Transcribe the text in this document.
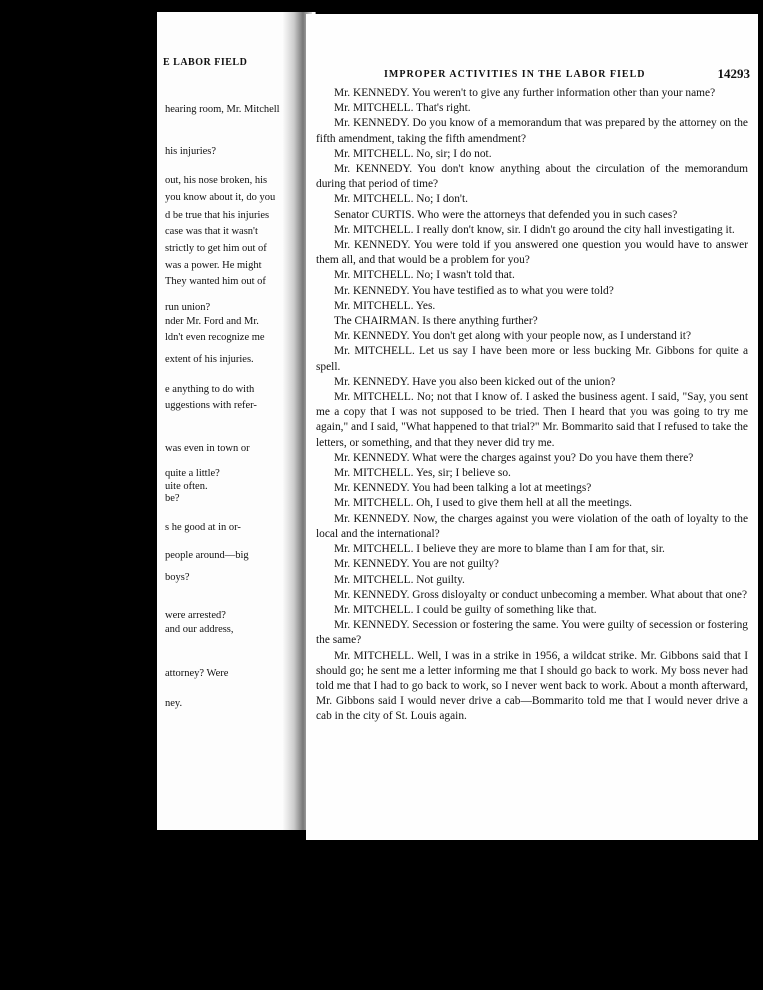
E LABOR FIELD
hearing room, Mr. Mitchell
his injuries?
out, his nose broken, his
you know about it, do you
d be true that his injuries
case was that it wasn't
strictly to get him out of
was a power. He might
They wanted him out of
run union?
nder Mr. Ford and Mr.
ldn't even recognize me
extent of his injuries.
e anything to do with
uggestions with refer-
was even in town or
quite a little?
uite often.
be?
s he good at in or-
people around—big
boys?
were arrested?
and our address,
attorney? Were
ney.
IMPROPER ACTIVITIES IN THE LABOR FIELD	14293

Mr. KENNEDY. You weren't to give any further information other than your name?

Mr. MITCHELL. That's right.

Mr. KENNEDY. Do you know of a memorandum that was prepared by the attorney on the fifth amendment, taking the fifth amendment?

Mr. MITCHELL. No, sir; I do not.

Mr. KENNEDY. You don't know anything about the circulation of the memorandum during that period of time?

Mr. MITCHELL. No; I don't.

Senator CURTIS. Who were the attorneys that defended you in such cases?

Mr. MITCHELL. I really don't know, sir. I didn't go around the city hall investigating it.

Mr. KENNEDY. You were told if you answered one question you would have to answer them all, and that would be a problem for you?

Mr. MITCHELL. No; I wasn't told that.

Mr. KENNEDY. You have testified as to what you were told?

Mr. MITCHELL. Yes.

The CHAIRMAN. Is there anything further?

Mr. KENNEDY. You don't get along with your people now, as I understand it?

Mr. MITCHELL. Let us say I have been more or less bucking Mr. Gibbons for quite a spell.

Mr. KENNEDY. Have you also been kicked out of the union?

Mr. MITCHELL. No; not that I know of. I asked the business agent. I said, "Say, you sent me a copy that I was not supposed to be tried. Then I heard that you was going to try me again," and I said, "What happened to that trial?" Mr. Bommarito said that I refused to take the letters, or something, and that they never did try me.

Mr. KENNEDY. What were the charges against you? Do you have them there?

Mr. MITCHELL. Yes, sir; I believe so.

Mr. KENNEDY. You had been talking a lot at meetings?

Mr. MITCHELL. Oh, I used to give them hell at all the meetings.

Mr. KENNEDY. Now, the charges against you were violation of the oath of loyalty to the local and the international?

Mr. MITCHELL. I believe they are more to blame than I am for that, sir.

Mr. KENNEDY. You are not guilty?

Mr. MITCHELL. Not guilty.

Mr. KENNEDY. Gross disloyalty or conduct unbecoming a member. What about that one?

Mr. MITCHELL. I could be guilty of something like that.

Mr. KENNEDY. Secession or fostering the same. You were guilty of secession or fostering the same?

Mr. MITCHELL. Well, I was in a strike in 1956, a wildcat strike. Mr. Gibbons said that I should go; he sent me a letter informing me that I should go back to work. My boss never had told me that I had to go back to work, so I never went back to work. About a month afterward, Mr. Gibbons said I would never drive a cab—Bommarito told me that I would never drive a cab in the city of St. Louis again.
